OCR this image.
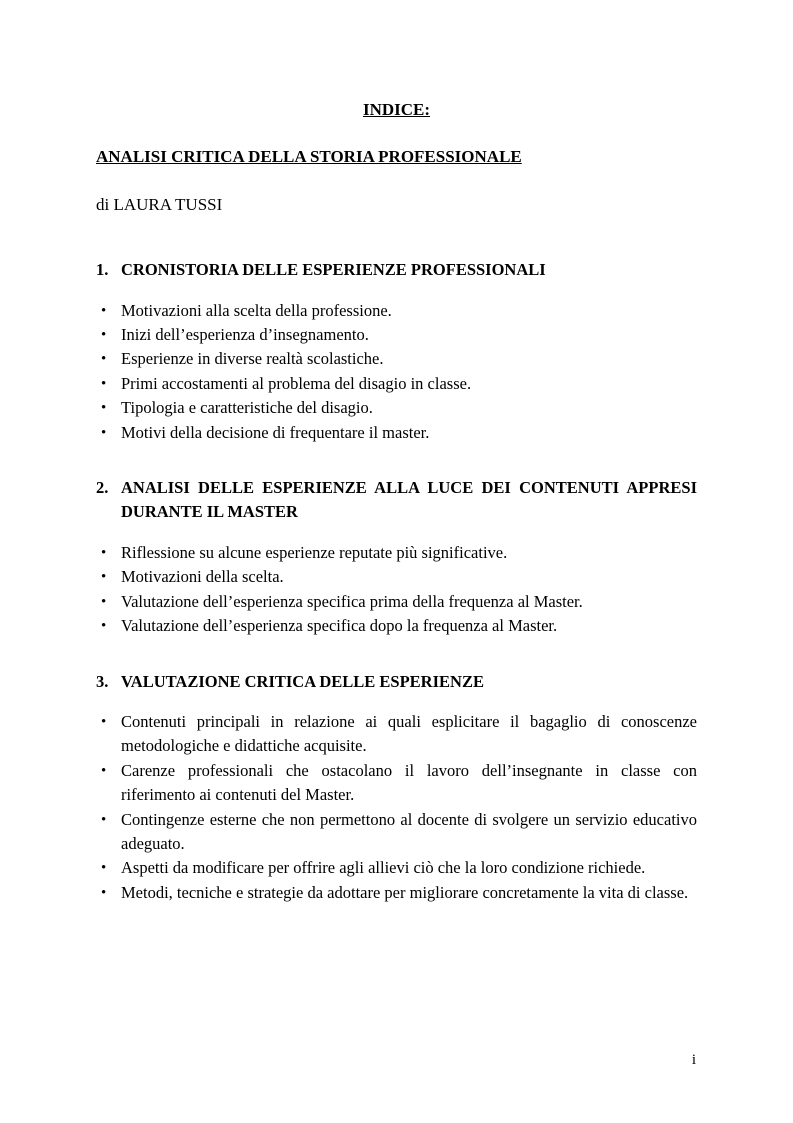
INDICE:
ANALISI CRITICA DELLA STORIA PROFESSIONALE

di LAURA TUSSI

1. CRONISTORIA DELLE ESPERIENZE PROFESSIONALI
• Motivazioni alla scelta della professione.
• Inizi dell’esperienza d’insegnamento.
• Esperienze in diverse realtà scolastiche.
• Primi accostamenti al problema del disagio in classe.
• Tipologia e caratteristiche del disagio.
• Motivi della decisione di frequentare il master.
2. ANALISI DELLE ESPERIENZE ALLA LUCE DEI CONTENUTI APPRESI DURANTE IL MASTER
• Riflessione su alcune esperienze reputate più significative.
• Motivazioni della scelta.
• Valutazione dell’esperienza specifica prima della frequenza al Master.
• Valutazione dell’esperienza specifica dopo la frequenza al Master.
3. VALUTAZIONE CRITICA DELLE ESPERIENZE
• Contenuti principali in relazione ai quali esplicitare il bagaglio di conoscenze metodologiche e didattiche acquisite.
• Carenze professionali che ostacolano il lavoro dell’insegnante in classe con riferimento ai contenuti del Master.
• Contingenze esterne che non permettono al docente di svolgere un servizio educativo adeguato.
• Aspetti da modificare per offrire agli allievi ciò che la loro condizione richiede.
• Metodi, tecniche e strategie da adottare per migliorare concretamente la vita di classe.
i
